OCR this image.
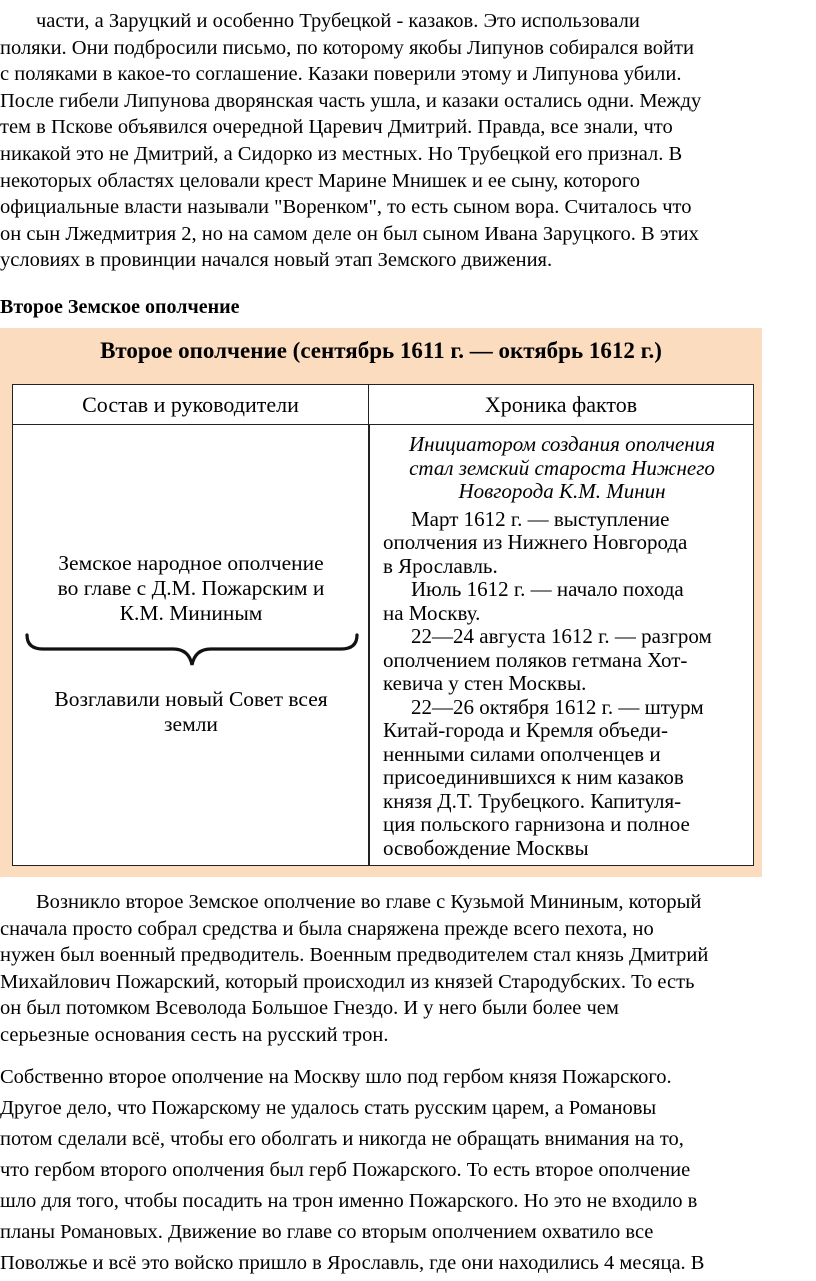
части, а Заруцкий и особенно Трубецкой - казаков. Это использовали
поляки. Они подбросили письмо, по которому якобы Липунов собирался войти
с поляками в какое-то соглашение. Казаки поверили этому и Липунова убили.
После гибели Липунова дворянская часть ушла, и казаки остались одни. Между
тем в Пскове объявился очередной Царевич Дмитрий. Правда, все знали, что
никакой это не Дмитрий, а Сидорко из местных. Но Трубецкой его признал. В
некоторых областях целовали крест Марине Мнишек и ее сыну, которого
официальные власти называли "Воренком", то есть сыном вора. Считалось что
он сын Лжедмитрия 2, но на самом деле он был сыном Ивана Заруцкого. В этих
условиях в провинции начался новый этап Земского движения.

Второе Земское ополчение
Второе ополчение (сентябрь 1611 г. — октябрь 1612 г.)
Состав и руководители	Хроника фактов
Земское народное ополчение
во главе с Д.М. Пожарским и
К.М. Мининым
Возглавили новый Совет всея
земли

Инициатором создания ополчения
стал земский староста Нижнего
Новгорода К.М. Минин

Март 1612 г. — выступление
ополчения из Нижнего Новгорода
в Ярославль.

Июль 1612 г. — начало похода
на Москву.

22—24 августа 1612 г. — разгром
ополчением поляков гетмана Хот-
кевича у стен Москвы.

22—26 октября 1612 г. — штурм
Китай-города и Кремля объеди-
ненными силами ополченцев и
присоединившихся к ним казаков
князя Д.Т. Трубецкого. Капитуля-
ция польского гарнизона и полное
освобождение Москвы

Возникло второе Земское ополчение во главе с Кузьмой Мининым, который
сначала просто собрал средства и была снаряжена прежде всего пехота, но
нужен был военный предводитель. Военным предводителем стал князь Дмитрий
Михайлович Пожарский, который происходил из князей Стародубских. То есть
он был потомком Всеволода Большое Гнездо. И у него были более чем
серьезные основания сесть на русский трон.

Собственно второе ополчение на Москву шло под гербом князя Пожарского.
Другое дело, что Пожарскому не удалось стать русским царем, а Романовы
потом сделали всё, чтобы его оболгать и никогда не обращать внимания на то,
что гербом второго ополчения был герб Пожарского. То есть второе ополчение
шло для того, чтобы посадить на трон именно Пожарского. Но это не входило в
планы Романовых. Движение во главе со вторым ополчением охватило все
Поволжье и всё это войско пришло в Ярославль, где они находились 4 месяца. В
